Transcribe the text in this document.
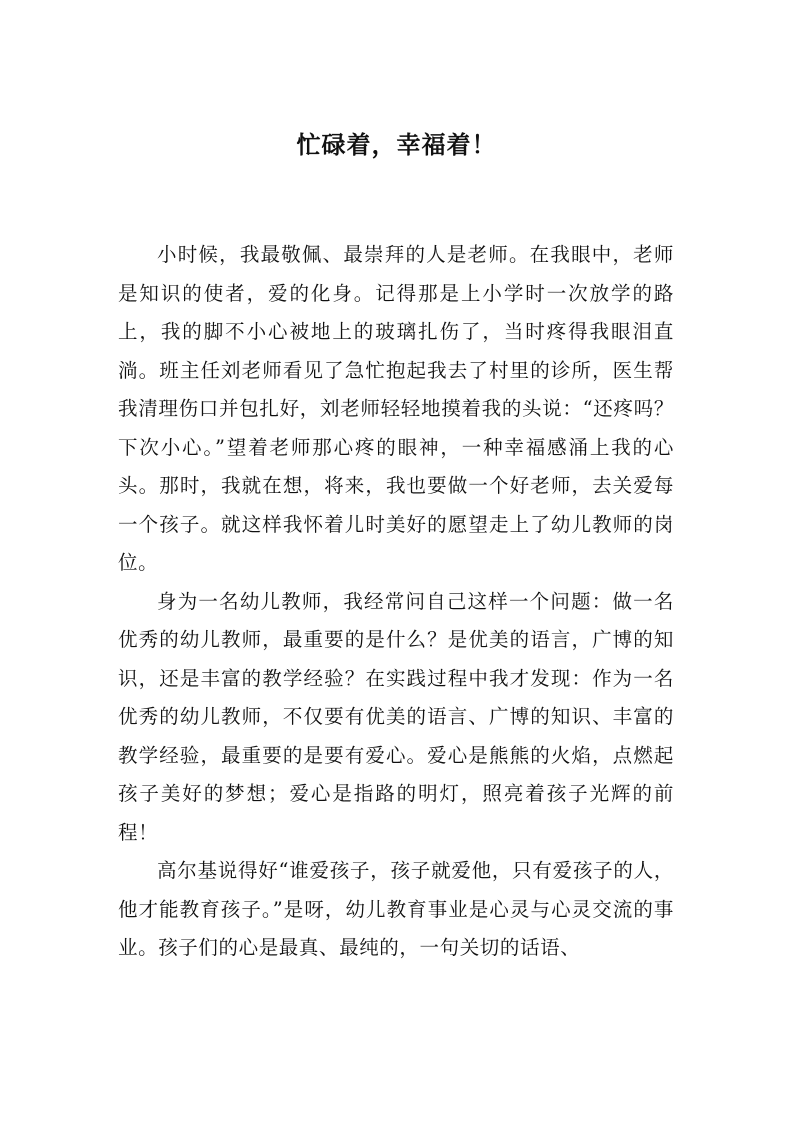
忙碌着，幸福着！

小时候，我最敬佩、最崇拜的人是老师。在我眼中，老师是知识的使者，爱的化身。记得那是上小学时一次放学的路上，我的脚不小心被地上的玻璃扎伤了，当时疼得我眼泪直淌。班主任刘老师看见了急忙抱起我去了村里的诊所，医生帮我清理伤口并包扎好，刘老师轻轻地摸着我的头说：“还疼吗？下次小心。”望着老师那心疼的眼神，一种幸福感涌上我的心头。那时，我就在想，将来，我也要做一个好老师，去关爱每一个孩子。就这样我怀着儿时美好的愿望走上了幼儿教师的岗位。

身为一名幼儿教师，我经常问自己这样一个问题：做一名优秀的幼儿教师，最重要的是什么？是优美的语言，广博的知识，还是丰富的教学经验？在实践过程中我才发现：作为一名优秀的幼儿教师，不仅要有优美的语言、广博的知识、丰富的教学经验，最重要的是要有爱心。爱心是熊熊的火焰，点燃起孩子美好的梦想；爱心是指路的明灯，照亮着孩子光辉的前程！

高尔基说得好“谁爱孩子，孩子就爱他，只有爱孩子的人，他才能教育孩子。”是呀，幼儿教育事业是心灵与心灵交流的事业。孩子们的心是最真、最纯的，一句关切的话语、
